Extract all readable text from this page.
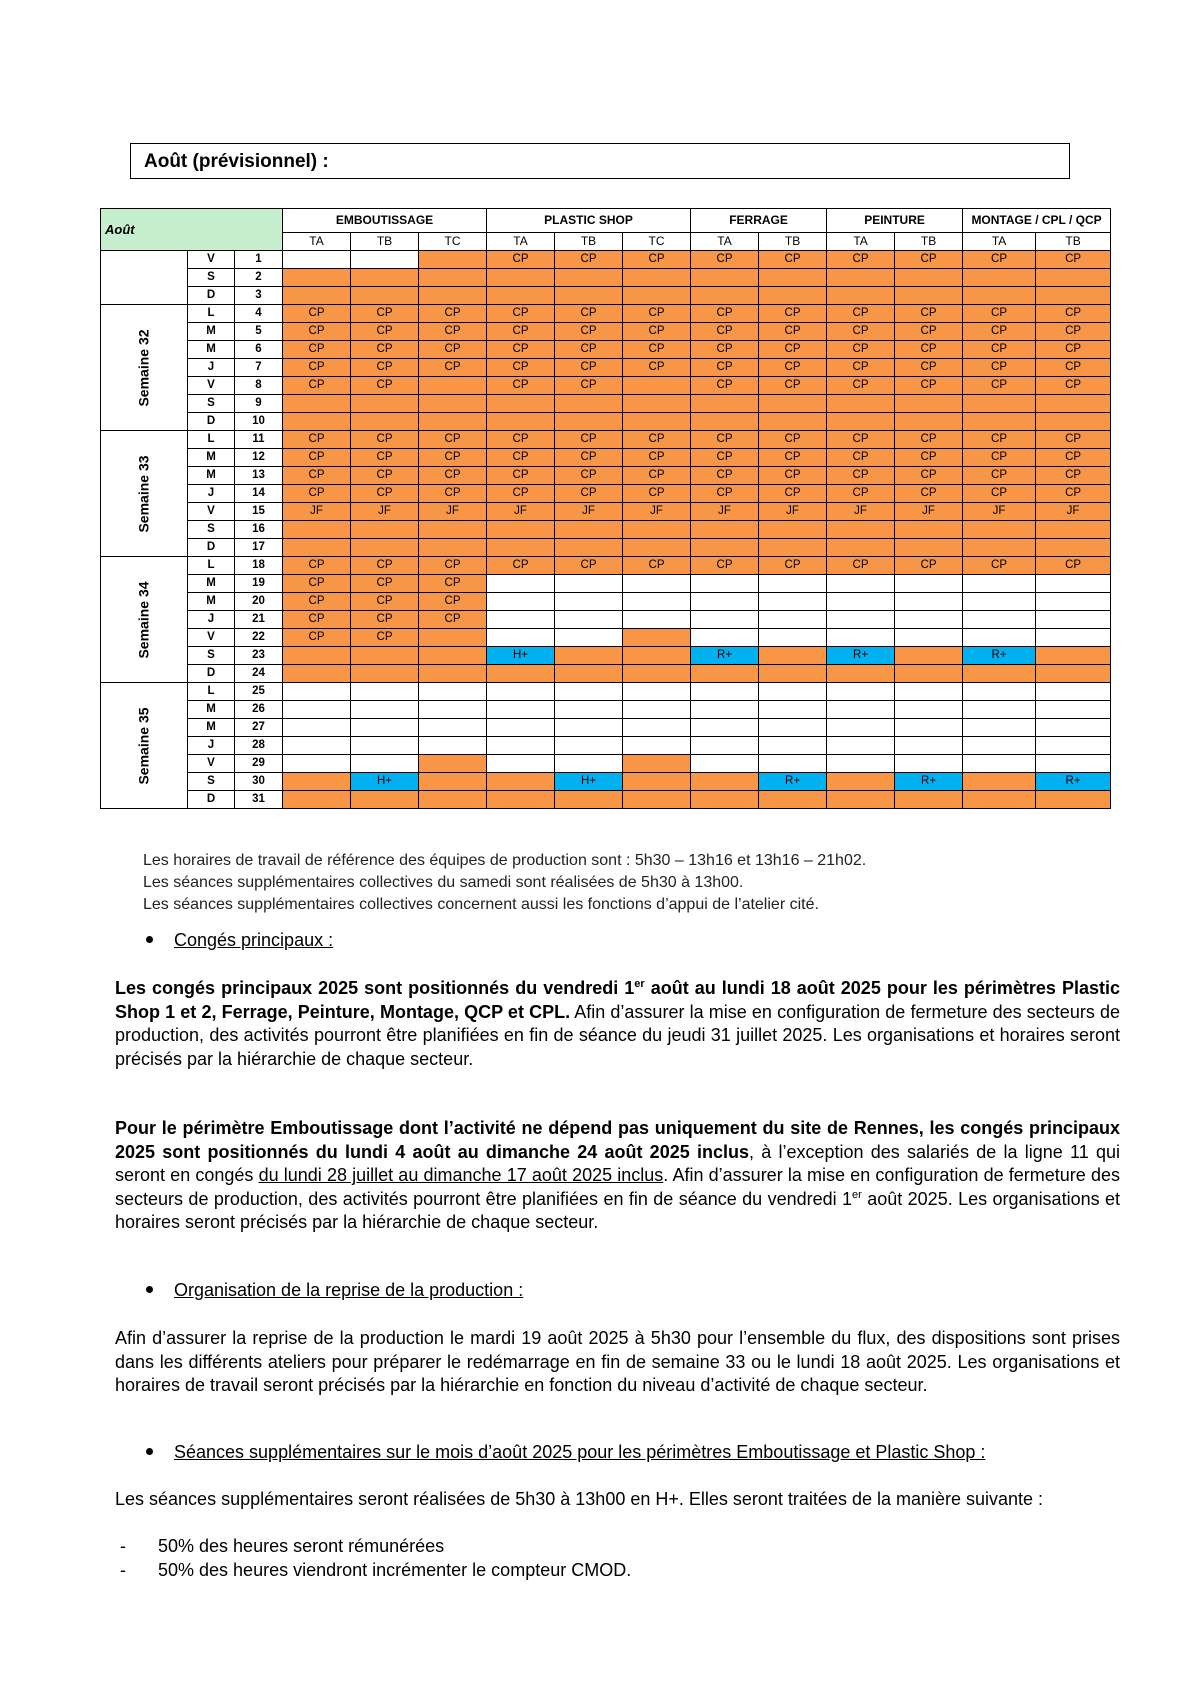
Août (prévisionnel) :
Août			EMBOUTISSAGE			PLASTIC SHOP			FERRAGE		PEINTURE		MONTAGE / CPL / QCP	
			TA	TB	TC	TA	TB	TC	TA	TB	TA	TB	TA	TB

	V	1				CP	CP	CP	CP	CP	CP	CP	CP	CP
	S	2												
	D	3												

Semaine 32	L	4	CP	CP	CP	CP	CP	CP	CP	CP	CP	CP	CP	CP
	M	5	CP	CP	CP	CP	CP	CP	CP	CP	CP	CP	CP	CP
	M	6	CP	CP	CP	CP	CP	CP	CP	CP	CP	CP	CP	CP
	J	7	CP	CP	CP	CP	CP	CP	CP	CP	CP	CP	CP	CP
	V	8	CP	CP		CP	CP		CP	CP	CP	CP	CP	CP
	S	9												
	D	10												

Semaine 33	L	11	CP	CP	CP	CP	CP	CP	CP	CP	CP	CP	CP	CP
	M	12	CP	CP	CP	CP	CP	CP	CP	CP	CP	CP	CP	CP
	M	13	CP	CP	CP	CP	CP	CP	CP	CP	CP	CP	CP	CP
	J	14	CP	CP	CP	CP	CP	CP	CP	CP	CP	CP	CP	CP
	V	15	JF	JF	JF	JF	JF	JF	JF	JF	JF	JF	JF	JF
	S	16												
	D	17												

Semaine 34	L	18	CP	CP	CP	CP	CP	CP	CP	CP	CP	CP	CP	CP
	M	19	CP	CP	CP									
	M	20	CP	CP	CP									
	J	21	CP	CP	CP									
	V	22	CP	CP										
	S	23				H+			R+		R+		R+	
	D	24												

Semaine 35	L	25												
	M	26												
	M	27												
	J	28												
	V	29												
	S	30		H+			H+			R+		R+		R+
	D	31												

Les horaires de travail de référence des équipes de production sont : 5h30 – 13h16 et 13h16 – 21h02.

Les séances supplémentaires collectives du samedi sont réalisées de 5h30 à 13h00.

Les séances supplémentaires collectives concernent aussi les fonctions d’appui de l’atelier cité.

Congés principaux :

Les congés principaux 2025 sont positionnés du vendredi 1er août au lundi 18 août 2025 pour les périmètres Plastic Shop 1 et 2, Ferrage, Peinture, Montage, QCP et CPL. Afin d’assurer la mise en configuration de fermeture des secteurs de production, des activités pourront être planifiées en fin de séance du jeudi 31 juillet 2025. Les organisations et horaires seront précisés par la hiérarchie de chaque secteur.

Pour le périmètre Emboutissage dont l’activité ne dépend pas uniquement du site de Rennes, les congés principaux 2025 sont positionnés du lundi 4 août au dimanche 24 août 2025 inclus, à l’exception des salariés de la ligne 11 qui seront en congés du lundi 28 juillet au dimanche 17 août 2025 inclus. Afin d’assurer la mise en configuration de fermeture des secteurs de production, des activités pourront être planifiées en fin de séance du vendredi 1er août 2025. Les organisations et horaires seront précisés par la hiérarchie de chaque secteur.

Organisation de la reprise de la production :

Afin d’assurer la reprise de la production le mardi 19 août 2025 à 5h30 pour l’ensemble du flux, des dispositions sont prises dans les différents ateliers pour préparer le redémarrage en fin de semaine 33 ou le lundi 18 août 2025. Les organisations et horaires de travail seront précisés par la hiérarchie en fonction du niveau d’activité de chaque secteur.

Séances supplémentaires sur le mois d’août 2025 pour les périmètres Emboutissage et Plastic Shop :

Les séances supplémentaires seront réalisées de 5h30 à 13h00 en H+. Elles seront traitées de la manière suivante :

- 50% des heures seront rémunérées
- 50% des heures viendront incrémenter le compteur CMOD.
